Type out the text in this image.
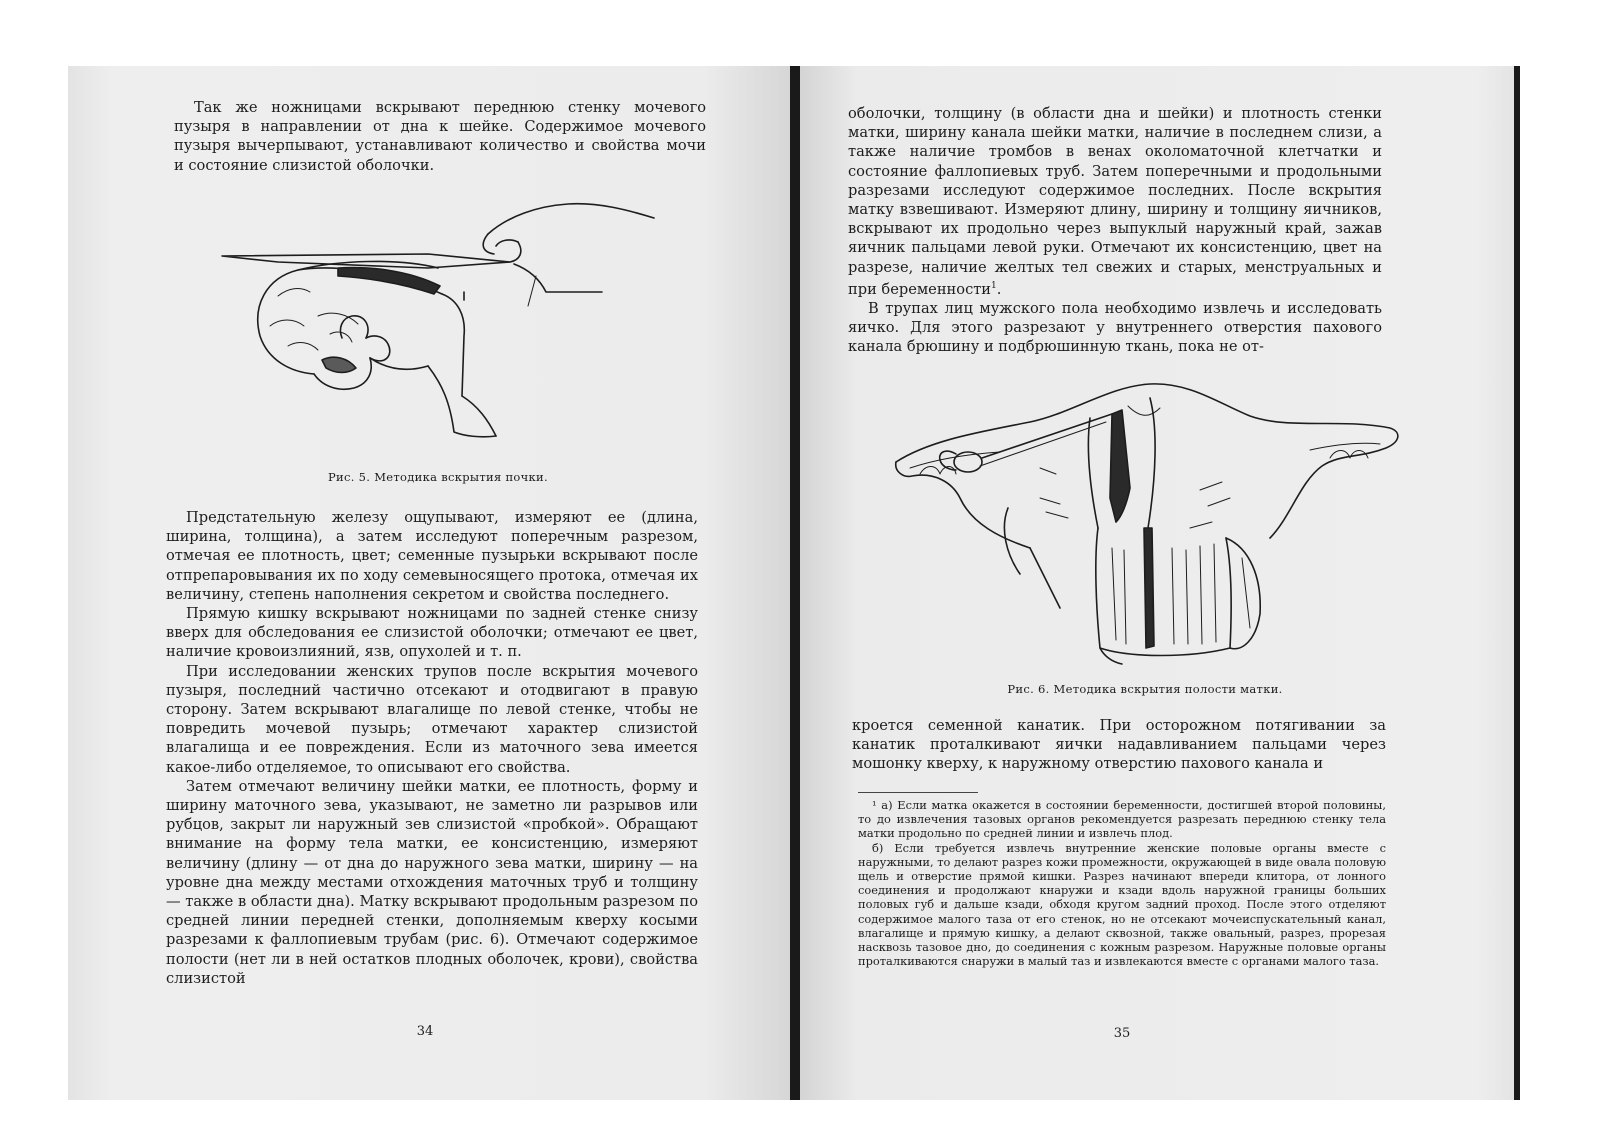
Так же ножницами вскрывают переднюю стенку мочевого пузыря в направлении от дна к шейке. Содержимое мочевого пузыря вычерпывают, устанавливают количество и свойства мочи и состояние слизистой оболочки.

Рис. 5. Методика вскрытия почки.

Предстательную железу ощупывают, измеряют ее (длина, ширина, толщина), а затем исследуют поперечным разрезом, отмечая ее плотность, цвет; семенные пузырьки вскрывают после отпрепаровывания их по ходу семевыносящего протока, отмечая их величину, степень наполнения секретом и свойства последнего.

Прямую кишку вскрывают ножницами по задней стенке снизу вверх для обследования ее слизистой оболочки; отмечают ее цвет, наличие кровоизлияний, язв, опухолей и т. п.

При исследовании женских трупов после вскрытия мочевого пузыря, последний частично отсекают и отодвигают в правую сторону. Затем вскрывают влагалище по левой стенке, чтобы не повредить мочевой пузырь; отмечают характер слизистой влагалища и ее повреждения. Если из маточного зева имеется какое-либо отделяемое, то описывают его свойства.

Затем отмечают величину шейки матки, ее плотность, форму и ширину маточного зева, указывают, не заметно ли разрывов или рубцов, закрыт ли наружный зев слизистой «пробкой». Обращают внимание на форму тела матки, ее консистенцию, измеряют величину (длину — от дна до наружного зева матки, ширину — на уровне дна между местами отхождения маточных труб и толщину — также в области дна). Матку вскрывают продольным разрезом по средней линии передней стенки, дополняемым кверху косыми разрезами к фаллопиевым трубам (рис. 6). Отмечают содержимое полости (нет ли в ней остатков плодных оболочек, крови), свойства слизистой

34

оболочки, толщину (в области дна и шейки) и плотность стенки матки, ширину канала шейки матки, наличие в последнем слизи, а также наличие тромбов в венах околоматочной клетчатки и состояние фаллопиевых труб. Затем поперечными и продольными разрезами исследуют содержимое последних. После вскрытия матку взвешивают. Измеряют длину, ширину и толщину яичников, вскрывают их продольно через выпуклый наружный край, зажав яичник пальцами левой руки. Отмечают их консистенцию, цвет на разрезе, наличие желтых тел свежих и старых, менструальных и при беременности$^1$.

В трупах лиц мужского пола необходимо извлечь и исследовать яичко. Для этого разрезают у внутреннего отверстия пахового канала брюшину и подбрюшинную ткань, пока не от-

Рис. 6. Методика вскрытия полости матки.

кроется семенной канатик. При осторожном потягивании за канатик проталкивают яички надавливанием пальцами через мошонку кверху, к наружному отверстию пахового канала и

¹ а) Если матка окажется в состоянии беременности, достигшей второй половины, то до извлечения тазовых органов рекомендуется разрезать переднюю стенку тела матки продольно по средней линии и извлечь плод.

б) Если требуется извлечь внутренние женские половые органы вместе с наружными, то делают разрез кожи промежности, окружающей в виде овала половую щель и отверстие прямой кишки. Разрез начинают впереди клитора, от лонного соединения и продолжают кнаружи и кзади вдоль наружной границы больших половых губ и дальше кзади, обходя кругом задний проход. После этого отделяют содержимое малого таза от его стенок, но не отсекают мочеиспускательный канал, влагалище и прямую кишку, а делают сквозной, также овальный, разрез, прорезая насквозь тазовое дно, до соединения с кожным разрезом. Наружные половые органы проталкиваются снаружи в малый таз и извлекаются вместе с органами малого таза.

35
